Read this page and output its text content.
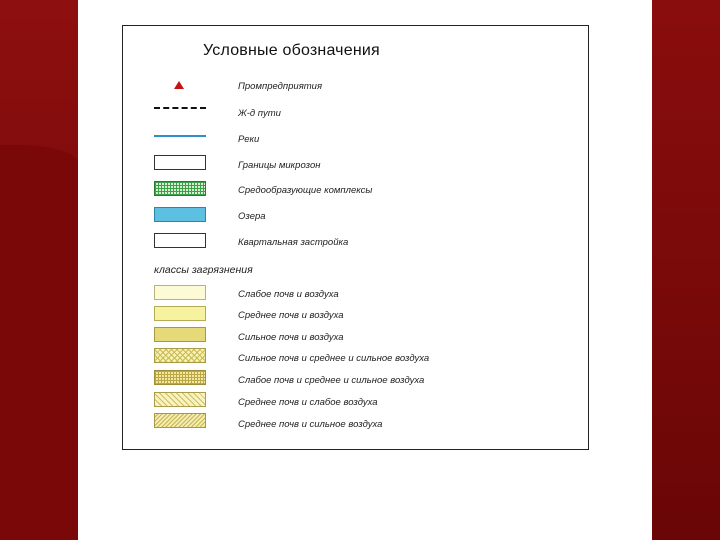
Условные обозначения
Промпредприятия
Ж-д пути
Реки
Границы микрозон
Средообразующие комплексы
Озера
Квартальная застройка
классы загрязнения
Слабое почв и воздуха
Среднее почв и воздуха
Сильное почв и воздуха
Сильное почв и среднее и сильное воздуха
Слабое почв и среднее и сильное воздуха
Среднее почв и слабое воздуха
Среднее почв и сильное воздуха
